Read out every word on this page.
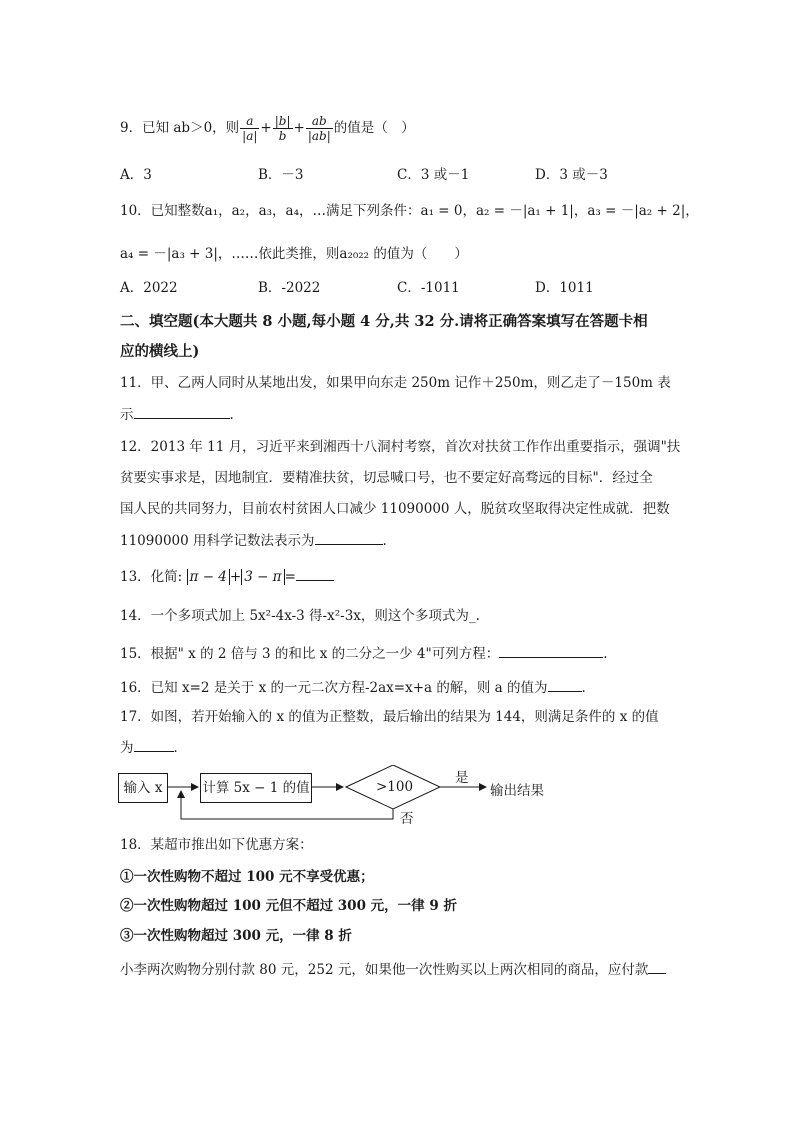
9．已知 ab＞0，则 $\frac{a}{|a|} + \frac{|b|}{b} + \frac{ab}{|ab|}$ 的值是（　）
A．3	B．－3	C．3 或－1	D．3 或－3
10．已知整数a₁，a₂，a₃，a₄，…满足下列条件：a₁ = 0，a₂ = －|a₁ + 1|，a₃ = －|a₂ + 2|，
a₄ = －|a₃ + 3|，……依此类推，则a₂₀₂₂ 的值为（　　）
A．2022	B．-2022	C．-1011	D．1011
二、填空题(本大题共 8 小题,每小题 4 分,共 32 分.请将正确答案填写在答题卡相
应的横线上)
11．甲、乙两人同时从某地出发，如果甲向东走 250m 记作＋250m，则乙走了－150m 表
示	.
12．2013 年 11 月，习近平来到湘西十八洞村考察，首次对扶贫工作作出重要指示，强调"扶
贫要实事求是，因地制宜．要精准扶贫，切忌喊口号，也不要定好高骛远的目标"．经过全
国人民的共同努力，目前农村贫困人口减少 11090000 人，脱贫攻坚取得决定性成就．把数
11090000 用科学记数法表示为	.
13．化简: π − 4 + 3 − π =
14．一个多项式加上 5x²-4x-3 得-x²-3x，则这个多项式为_.
15．根据" x 的 2 倍与 3 的和比 x 的二分之一少 4"可列方程：	.
16．已知 x=2 是关于 x 的一元二次方程-2ax=x+a 的解，则 a 的值为	.
17．如图，若开始输入的 x 的值为正整数，最后输出的结果为 144，则满足条件的 x 的值
为	．
输入 x	计算 5x − 1 的值	>100
是
否
输出结果
18．某超市推出如下优惠方案：
①一次性购物不超过 100 元不享受优惠；
②一次性购物超过 100 元但不超过 300 元，一律 9 折
③一次性购物超过 300 元，一律 8 折
小李两次购物分别付款 80 元，252 元，如果他一次性购买以上两次相同的商品，应付款
